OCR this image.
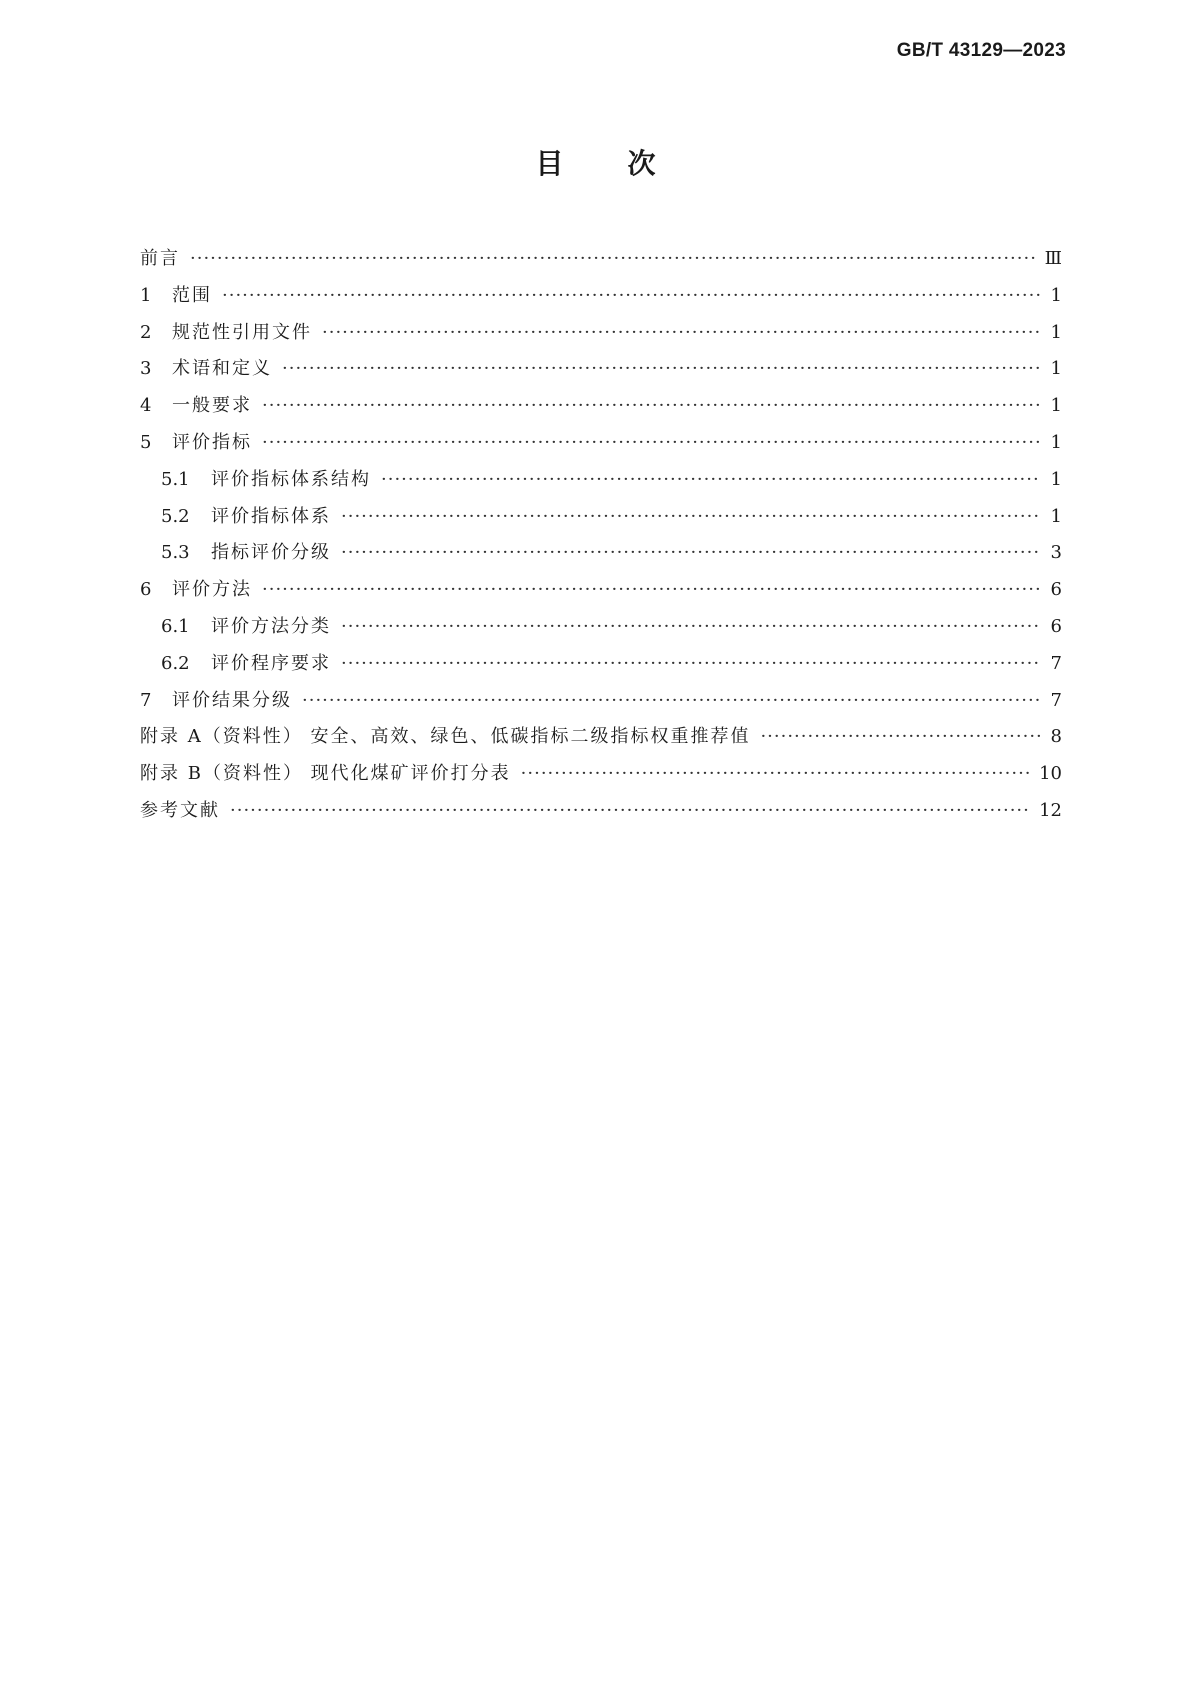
GB/T 43129—2023
目次
前言 ·····	Ⅲ
1	范围 ·····	1
2	规范性引用文件 ·····	1
3	术语和定义 ·····	1
4	一般要求 ·····	1
5	评价指标 ·····	1
5.1	评价指标体系结构 ·····	1
5.2	评价指标体系 ·····	1
5.3	指标评价分级 ·····	3
6	评价方法 ·····	6
6.1	评价方法分类 ·····	6
6.2	评价程序要求 ·····	7
7	评价结果分级 ·····	7
附录 A（资料性） 安全、高效、绿色、低碳指标二级指标权重推荐值 ·····	8
附录 B（资料性） 现代化煤矿评价打分表 ·····	10
参考文献 ·····	12
